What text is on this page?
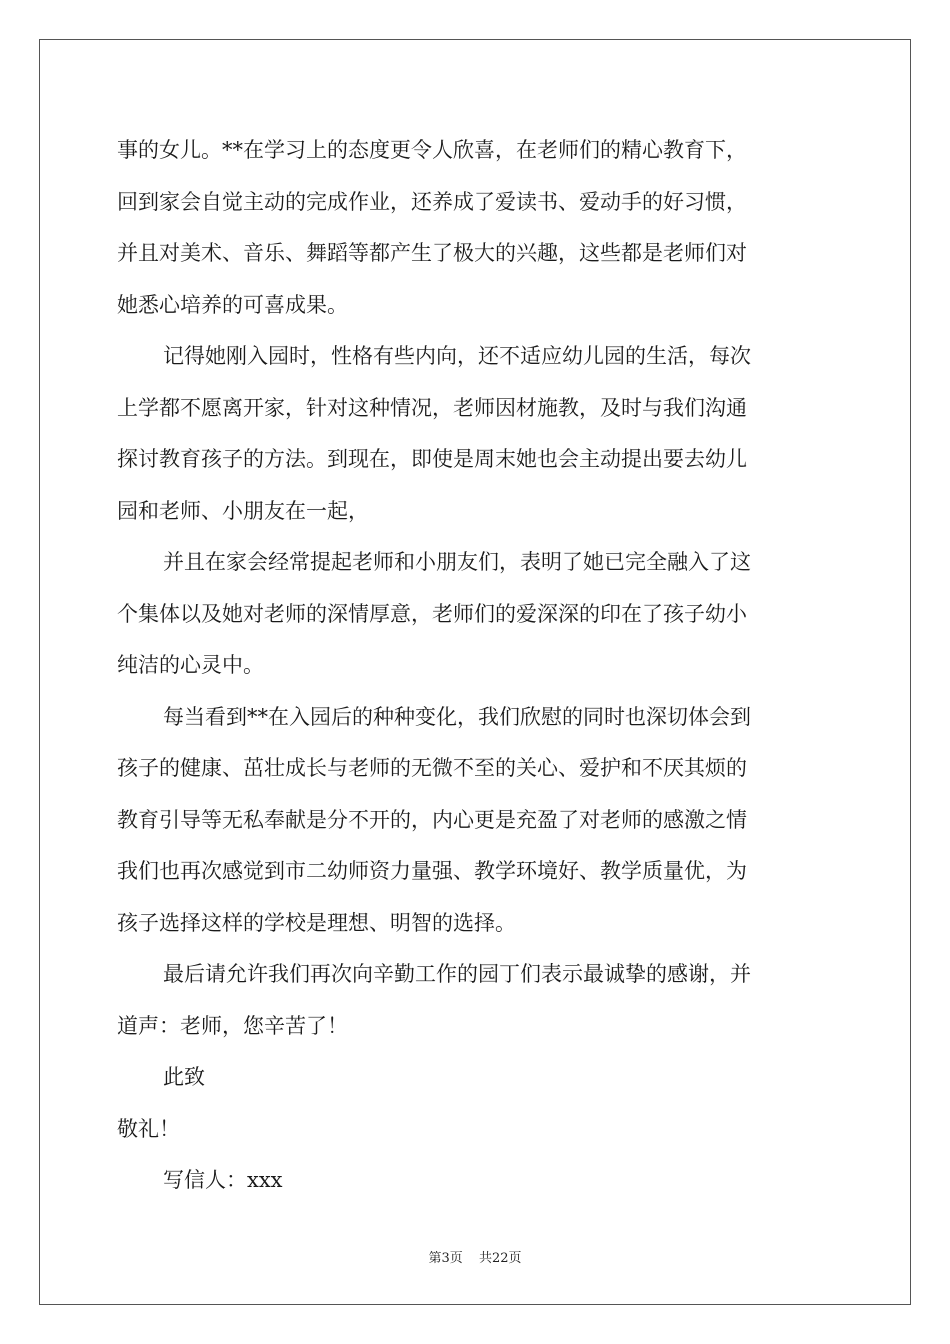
事的女儿。**在学习上的态度更令人欣喜，在老师们的精心教育下，
回到家会自觉主动的完成作业，还养成了爱读书、爱动手的好习惯，
并且对美术、音乐、舞蹈等都产生了极大的兴趣，这些都是老师们对
她悉心培养的可喜成果。
记得她刚入园时，性格有些内向，还不适应幼儿园的生活，每次
上学都不愿离开家，针对这种情况，老师因材施教，及时与我们沟通
探讨教育孩子的方法。到现在，即使是周末她也会主动提出要去幼儿
园和老师、小朋友在一起，
并且在家会经常提起老师和小朋友们，表明了她已完全融入了这
个集体以及她对老师的深情厚意，老师们的爱深深的印在了孩子幼小
纯洁的心灵中。
每当看到**在入园后的种种变化，我们欣慰的同时也深切体会到
孩子的健康、茁壮成长与老师的无微不至的关心、爱护和不厌其烦的
教育引导等无私奉献是分不开的，内心更是充盈了对老师的感激之情
我们也再次感觉到市二幼师资力量强、教学环境好、教学质量优，为
孩子选择这样的学校是理想、明智的选择。
最后请允许我们再次向辛勤工作的园丁们表示最诚挚的感谢，并
道声：老师，您辛苦了！
此致
敬礼！
写信人：xxx
第3页 共22页
